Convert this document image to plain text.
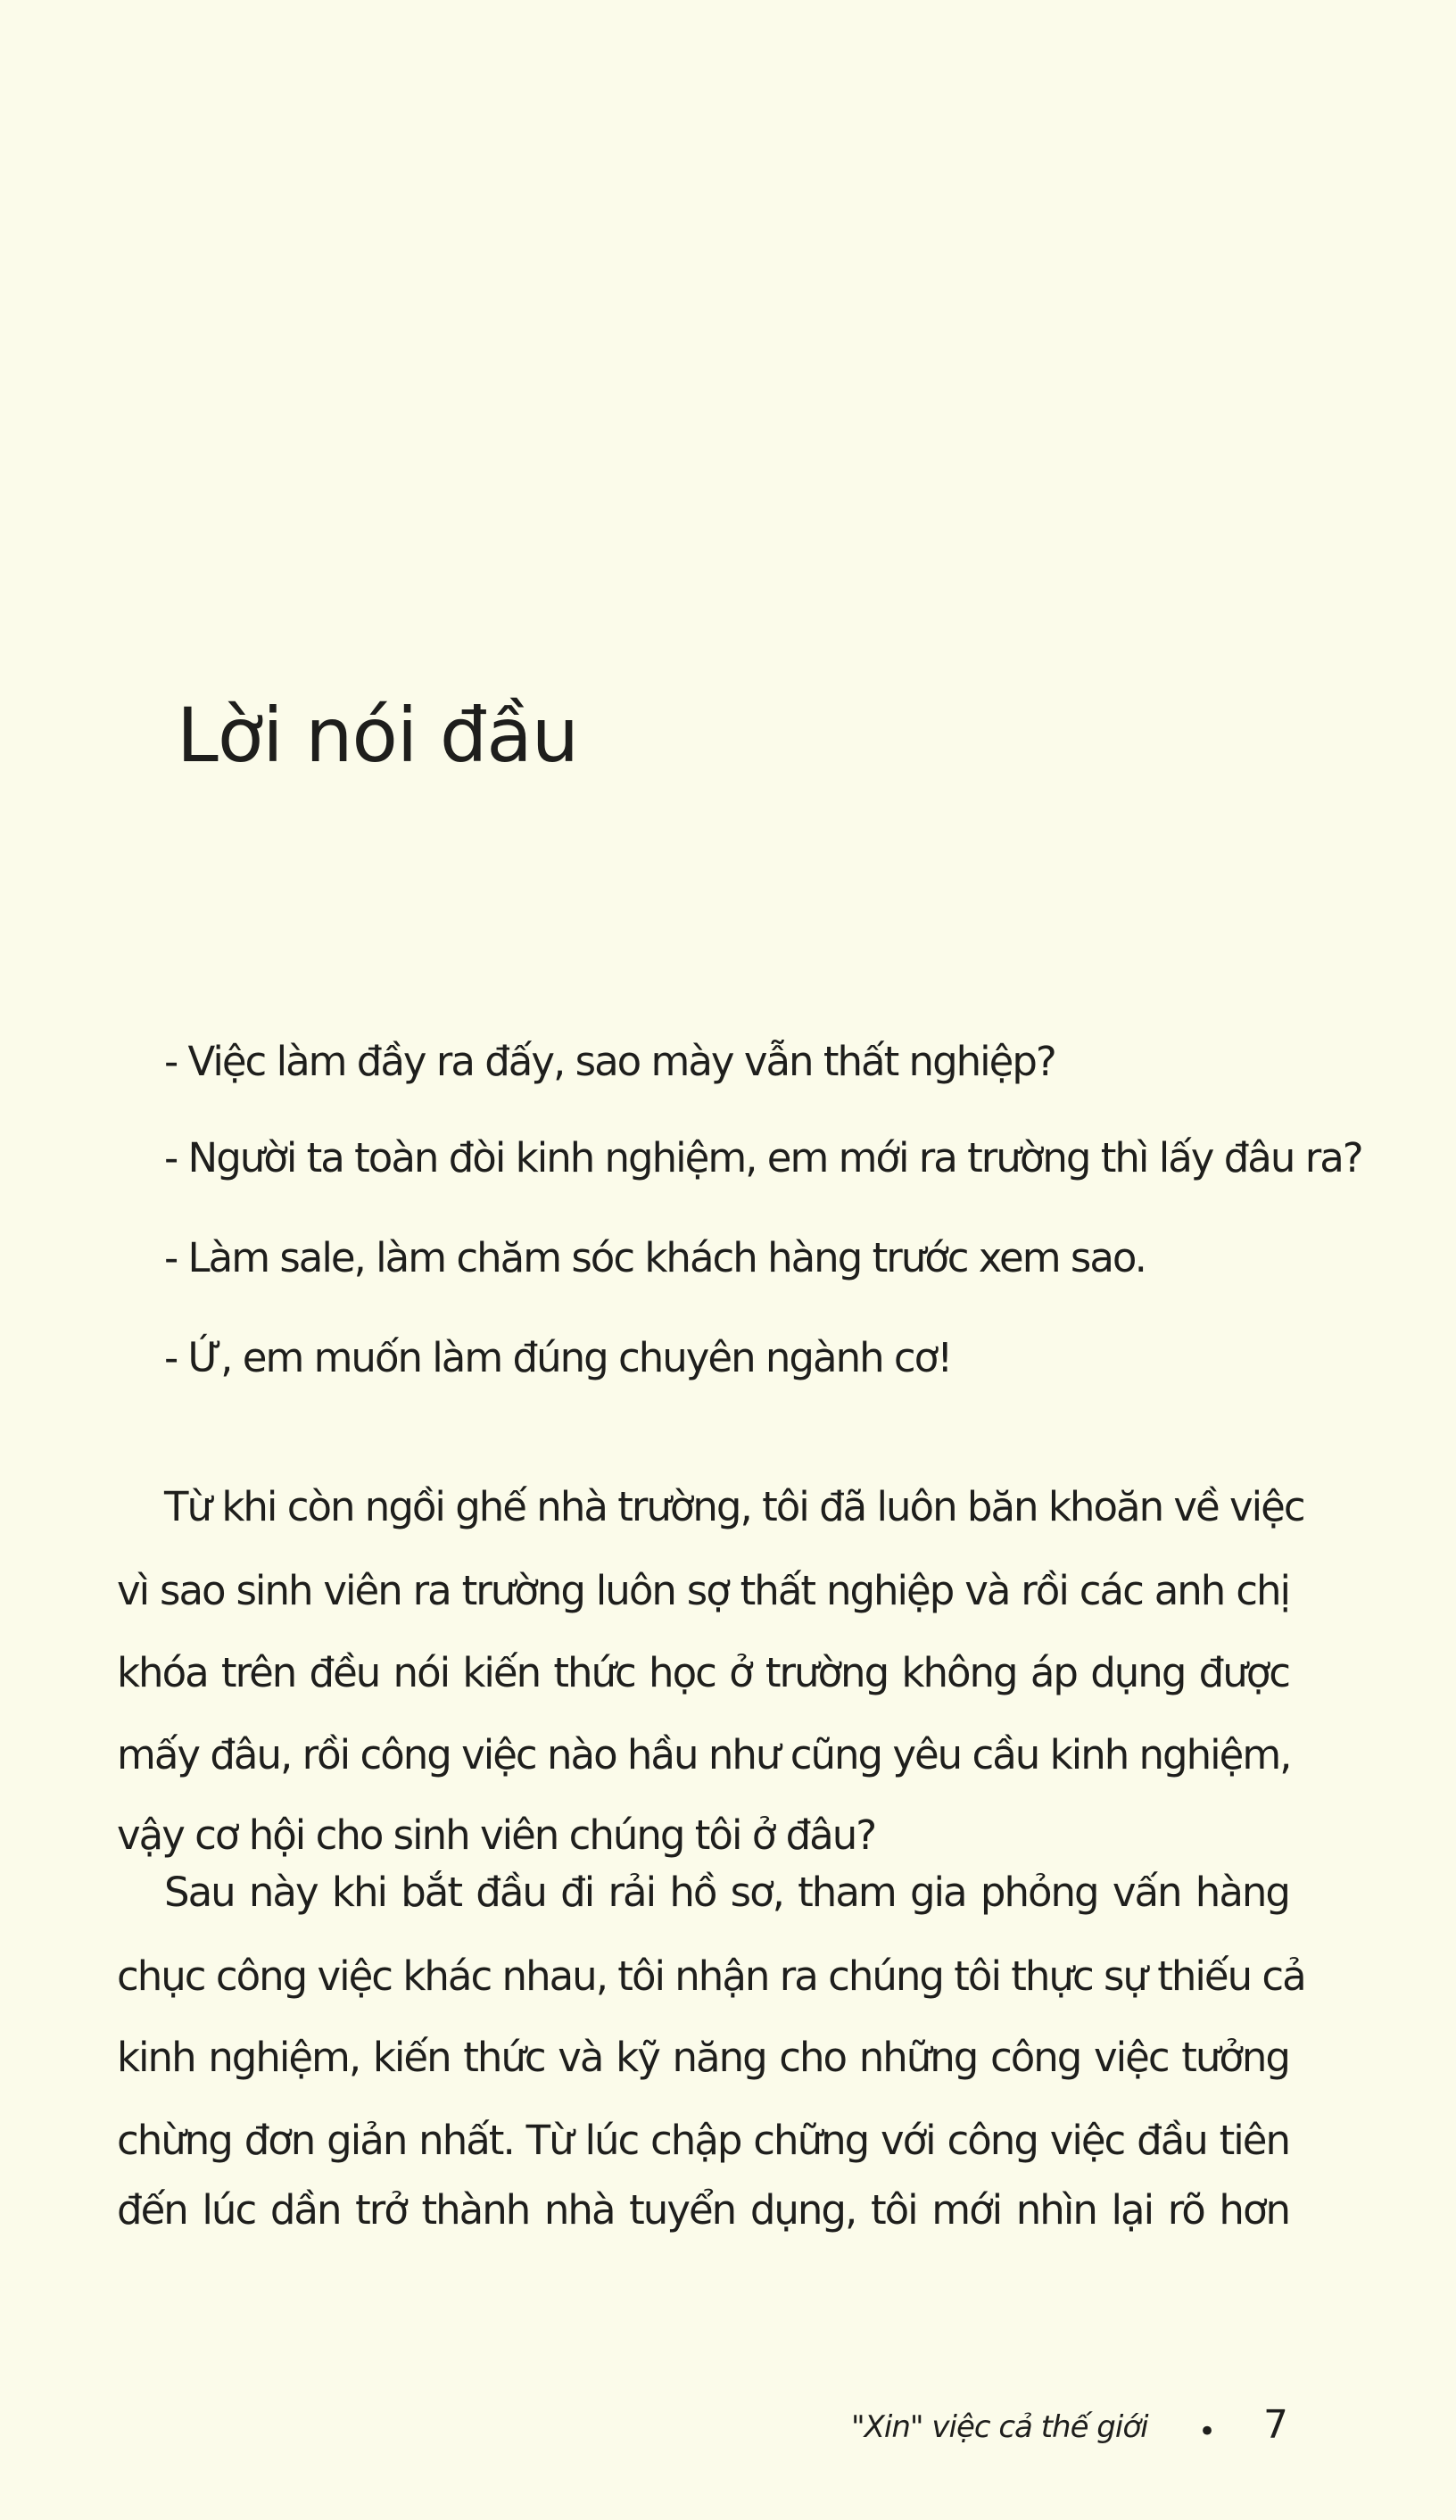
Lời nói đầu
- Việc làm đầy ra đấy, sao mày vẫn thất nghiệp?
- Người ta toàn đòi kinh nghiệm, em mới ra trường thì lấy đâu ra?
- Làm sale, làm chăm sóc khách hàng trước xem sao.
- Ứ, em muốn làm đúng chuyên ngành cơ!
Từ khi còn ngồi ghế nhà trường, tôi đã luôn băn khoăn về việc
vì sao sinh viên ra trường luôn sợ thất nghiệp và rồi các anh chị
khóa trên đều nói kiến thức học ở trường không áp dụng được
mấy đâu, rồi công việc nào hầu như cũng yêu cầu kinh nghiệm,
vậy cơ hội cho sinh viên chúng tôi ở đâu?
Sau này khi bắt đầu đi rải hồ sơ, tham gia phỏng vấn hàng
chục công việc khác nhau, tôi nhận ra chúng tôi thực sự thiếu cả
kinh nghiệm, kiến thức và kỹ năng cho những công việc tưởng
chừng đơn giản nhất. Từ lúc chập chững với công việc đầu tiên
đến lúc dần trở thành nhà tuyển dụng, tôi mới nhìn lại rõ hơn
"Xin" việc cả thế giới • 7
